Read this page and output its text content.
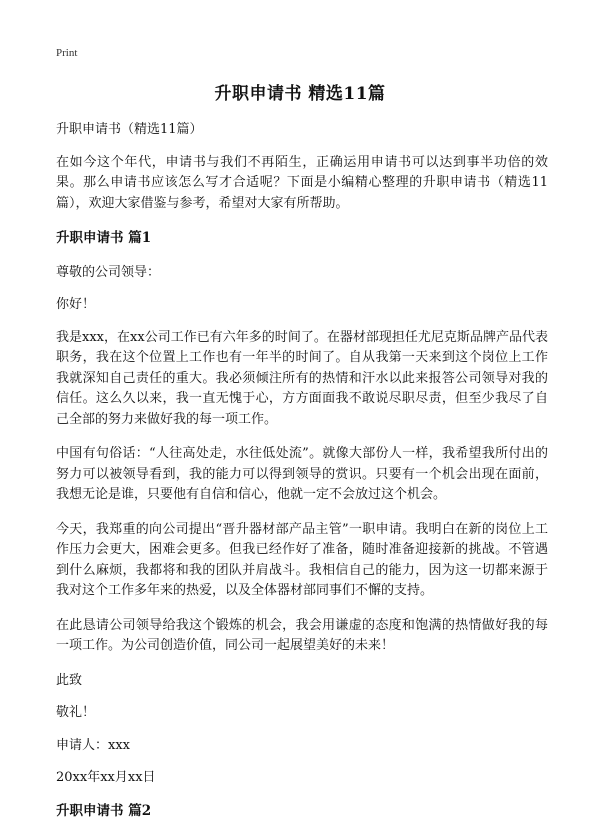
Print
升职申请书 精选11篇

升职申请书（精选11篇）

在如今这个年代，申请书与我们不再陌生，正确运用申请书可以达到事半功倍的效果。那么申请书应该怎么写才合适呢？下面是小编精心整理的升职申请书（精选11篇），欢迎大家借鉴与参考，希望对大家有所帮助。

升职申请书 篇1

尊敬的公司领导：

你好！

我是xxx，在xx公司工作已有六年多的时间了。在器材部现担任尤尼克斯品牌产品代表职务，我在这个位置上工作也有一年半的时间了。自从我第一天来到这个岗位上工作我就深知自己责任的重大。我必须倾注所有的热情和汗水以此来报答公司领导对我的信任。这么久以来，我一直无愧于心，方方面面我不敢说尽职尽责，但至少我尽了自己全部的努力来做好我的每一项工作。

中国有句俗话：“人往高处走，水往低处流”。就像大部份人一样，我希望我所付出的努力可以被领导看到，我的能力可以得到领导的赏识。只要有一个机会出现在面前，我想无论是谁，只要他有自信和信心，他就一定不会放过这个机会。

今天，我郑重的向公司提出“晋升器材部产品主管”一职申请。我明白在新的岗位上工作压力会更大，困难会更多。但我已经作好了准备，随时准备迎接新的挑战。不管遇到什么麻烦，我都将和我的团队并肩战斗。我相信自己的能力，因为这一切都来源于我对这个工作多年来的热爱，以及全体器材部同事们不懈的支持。

在此恳请公司领导给我这个锻炼的机会，我会用谦虚的态度和饱满的热情做好我的每一项工作。为公司创造价值，同公司一起展望美好的未来！

此致

敬礼！

申请人：xxx

20xx年xx月xx日

升职申请书 篇2
